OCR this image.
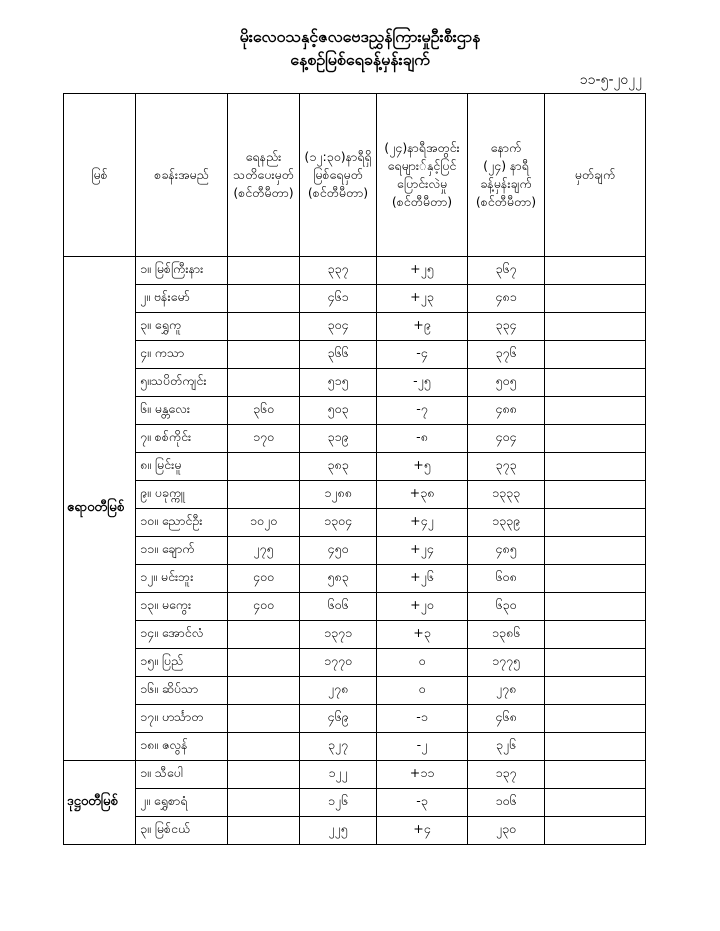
မိုးလေဝသနှင့်ဇလဗေဒညွှန်ကြားမှုဦးစီးဌာန
နေ့စဉ်မြစ်ရေခန့်မှန်းချက်
၁၁-၅-၂၀၂၂
မြစ်	စခန်းအမည်	ရေနည်း
သတိပေးမှတ်
(စင်တီမီတာ)	(၁၂:၃၀)နာရီရှိ
မြစ်ရေမှတ်
(စင်တီမီတာ)	(၂၄)နာရီအတွင်း
ရေများ်နှင့်ပြင်
ပြောင်းလဲမှု
(စင်တီမီတာ)	နောက်
(၂၄) နာရီ
ခန့်မှန်းချက်
(စင်တီမီတာ)	မှတ်ချက်

ဧရာဝတီမြစ်	၁။ မြစ်ကြီးနား		၃၃၇	+၂၅	၃၆၇	
	၂။ ဗန်းမော်		၄၆၁	+၂၃	၄၈၁	
	၃။ ရွှေကူ		၃၀၄	+၉	၃၃၄	
	၄။ ကသာ		၃၆၆	-၄	၃၇၆	
	၅။သပိတ်ကျင်း		၅၁၅	-၂၅	၅၀၅	
	၆။ မန္တလေး	၃၆၀	၅၀၃	-၇	၄၈၈	
	၇။ စစ်ကိုင်း	၁၇၀	၃၁၉	-၈	၄၀၄	
	၈။ မြင်းမူ		၃၈၃	+၅	၃၇၃	
	၉။ ပခုက္ကူ		၁၂၈၈	+၃၈	၁၃၃၃	
	၁၀။ ညောင်ဦး	၁၀၂၀	၁၃၀၄	+၄၂	၁၃၃၉	
	၁၁။ ချောက်	၂၇၅	၄၅၀	+၂၄	၄၈၅	
	၁၂။ မင်းဘူး	၄၀၀	၅၈၃	+၂၆	၆၀၈	
	၁၃။ မကွေး	၄၀၀	၆၀၆	+၂၀	၆၃၀	
	၁၄။ အောင်လံ		၁၃၇၁	+၃	၁၃၈၆	
	၁၅။ ပြည်		၁၇၇၀	၀	၁၇၇၅	
	၁၆။ ဆိပ်သာ		၂၇၈	၀	၂၇၈	
	၁၇။ ဟင်္သာတ		၄၆၉	-၁	၄၆၈	
	၁၈။ ဇလွန်		၃၂၇	-၂	၃၂၆	
ဒုဋ္ဌဝတီမြစ်	၁။ သီပေါ		၁၂၂	+၁၁	၁၃၇	
	၂။ ရွှေစာရံ		၁၂၆	-၃	၁၀၆	
	၃။ မြစ်ငယ်		၂၂၅	+၄	၂၃၀	
